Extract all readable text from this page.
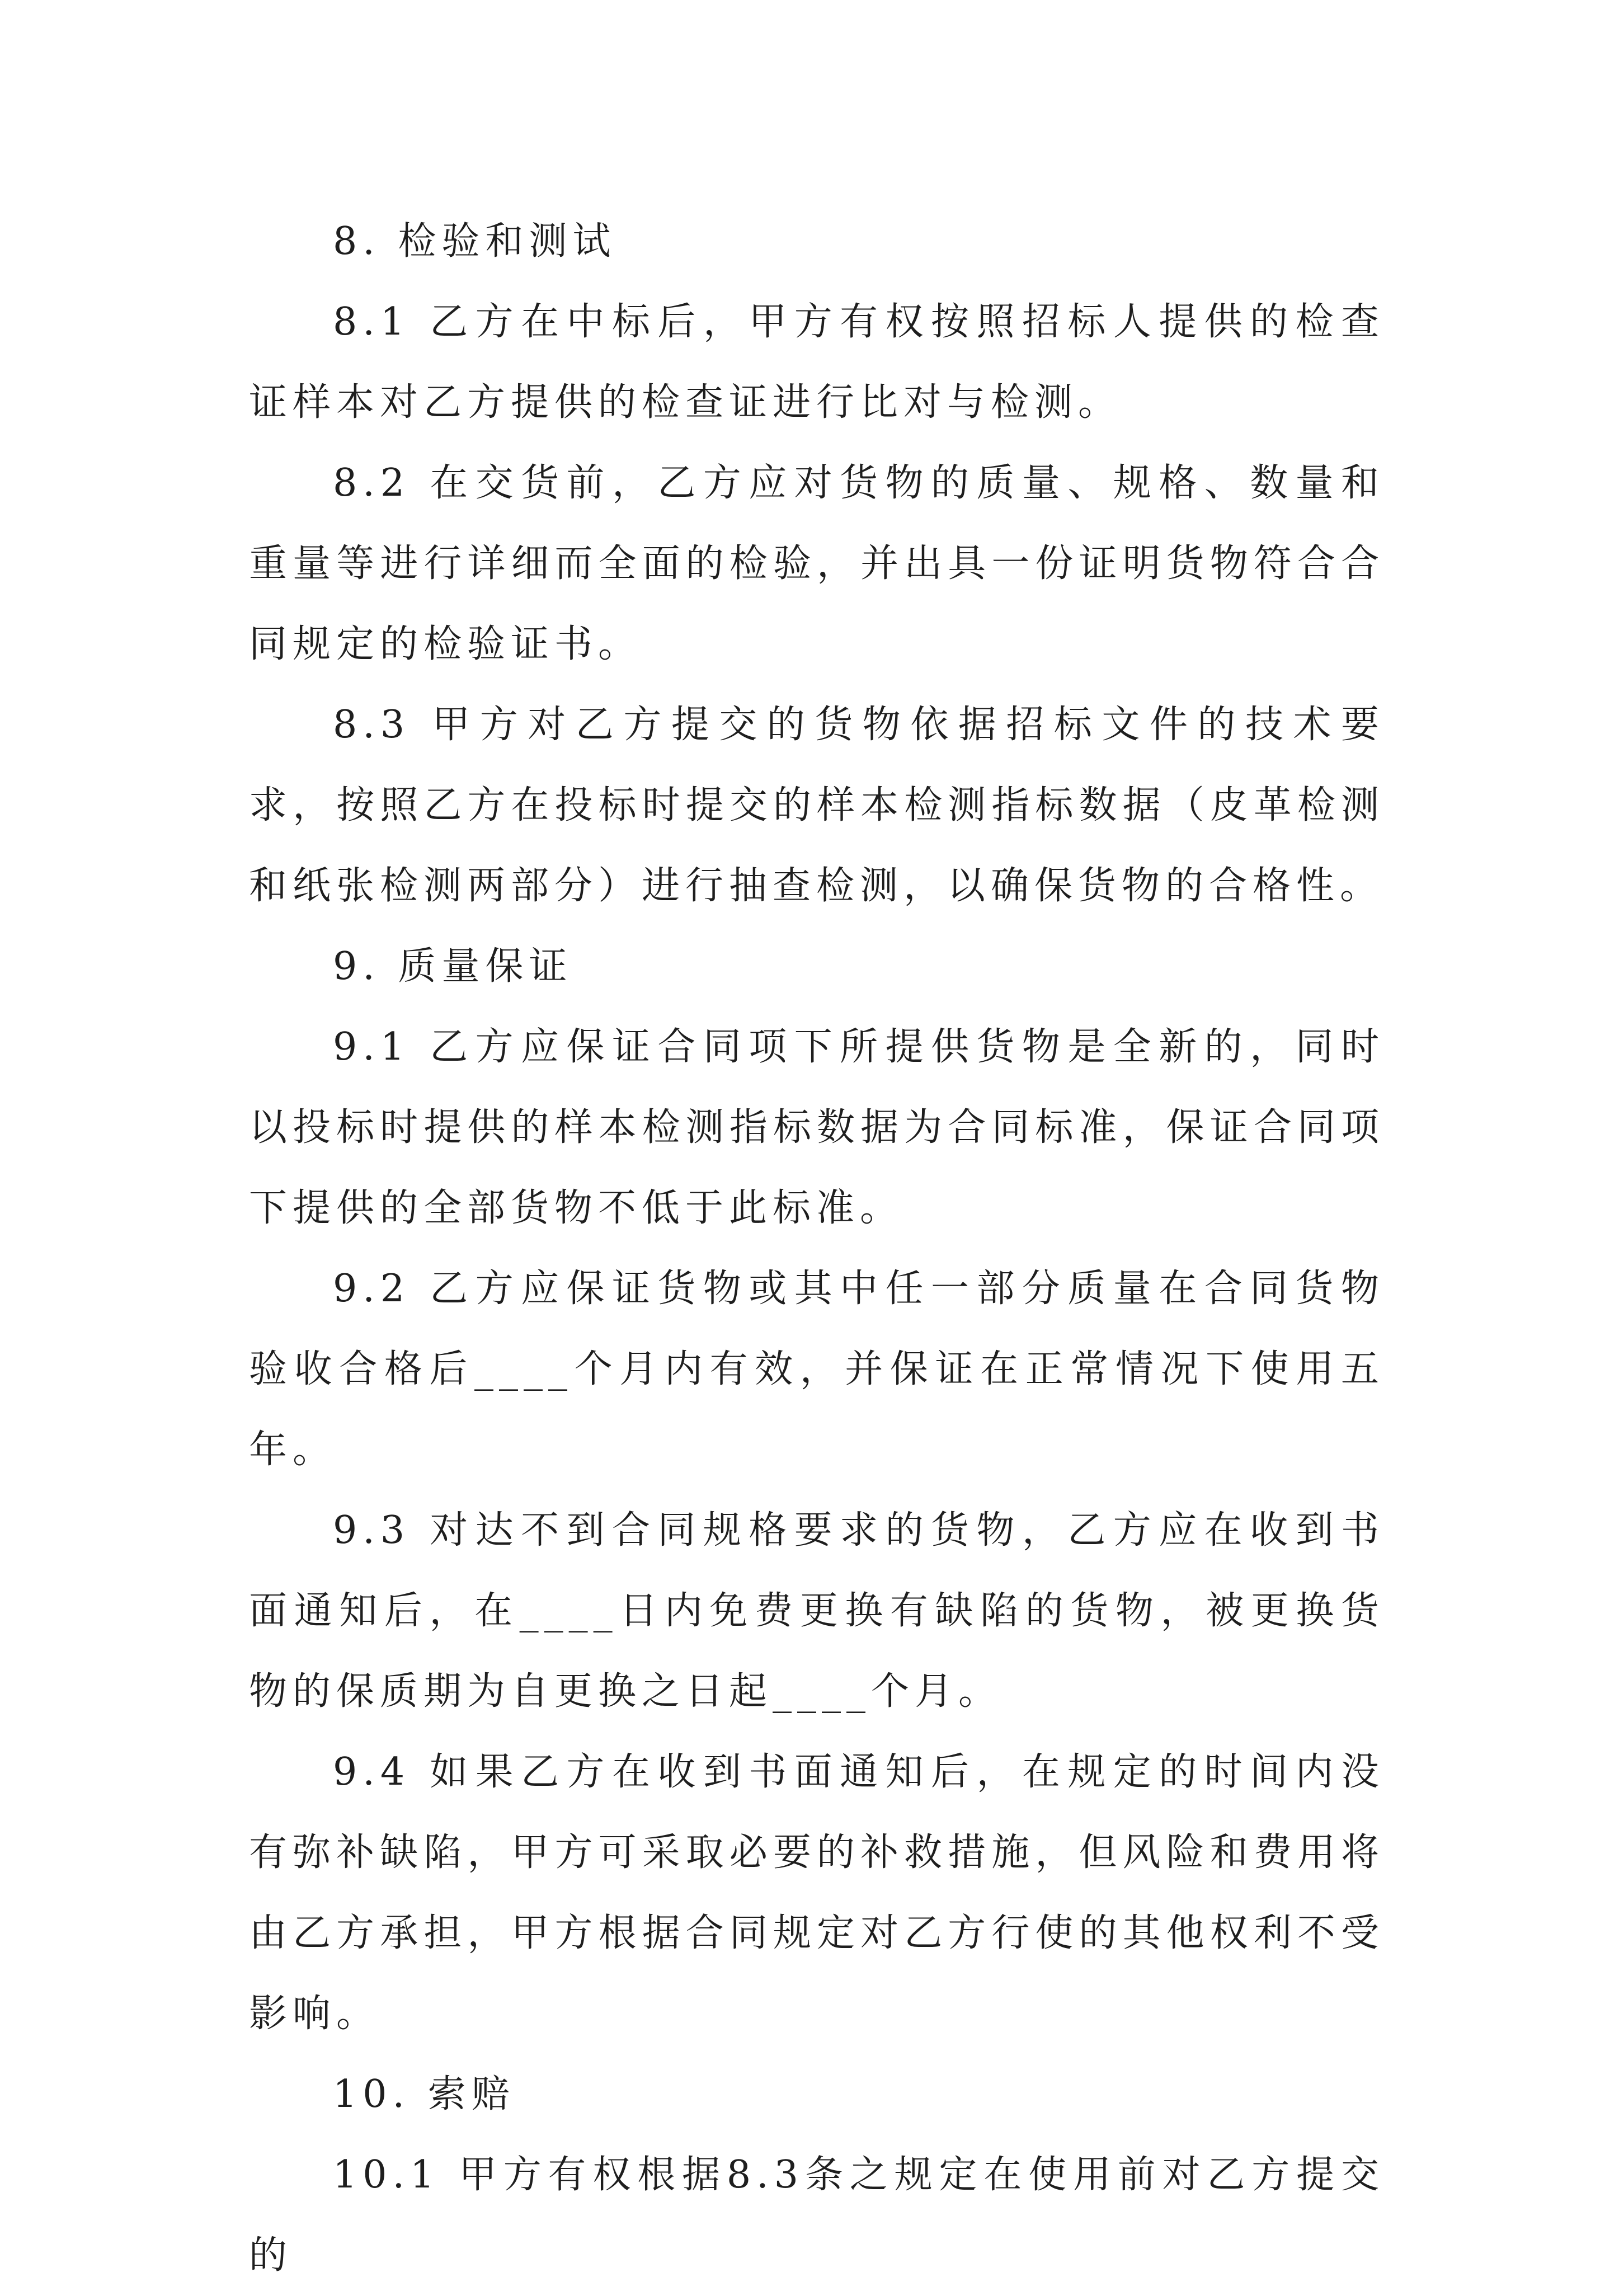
8. 检验和测试

8.1 乙方在中标后，甲方有权按照招标人提供的检查证样本对乙方提供的检查证进行比对与检测。

8.2 在交货前，乙方应对货物的质量、规格、数量和重量等进行详细而全面的检验，并出具一份证明货物符合合同规定的检验证书。

8.3 甲方对乙方提交的货物依据招标文件的技术要求，按照乙方在投标时提交的样本检测指标数据（皮革检测和纸张检测两部分）进行抽查检测，以确保货物的合格性。

9. 质量保证

9.1 乙方应保证合同项下所提供货物是全新的，同时以投标时提供的样本检测指标数据为合同标准，保证合同项下提供的全部货物不低于此标准。

9.2 乙方应保证货物或其中任一部分质量在合同货物验收合格后____个月内有效，并保证在正常情况下使用五年。

9.3 对达不到合同规格要求的货物，乙方应在收到书面通知后，在____日内免费更换有缺陷的货物，被更换货物的保质期为自更换之日起____个月。

9.4 如果乙方在收到书面通知后，在规定的时间内没有弥补缺陷，甲方可采取必要的补救措施，但风险和费用将由乙方承担，甲方根据合同规定对乙方行使的其他权利不受影响。

10. 索赔

10.1 甲方有权根据8.3条之规定在使用前对乙方提交的
